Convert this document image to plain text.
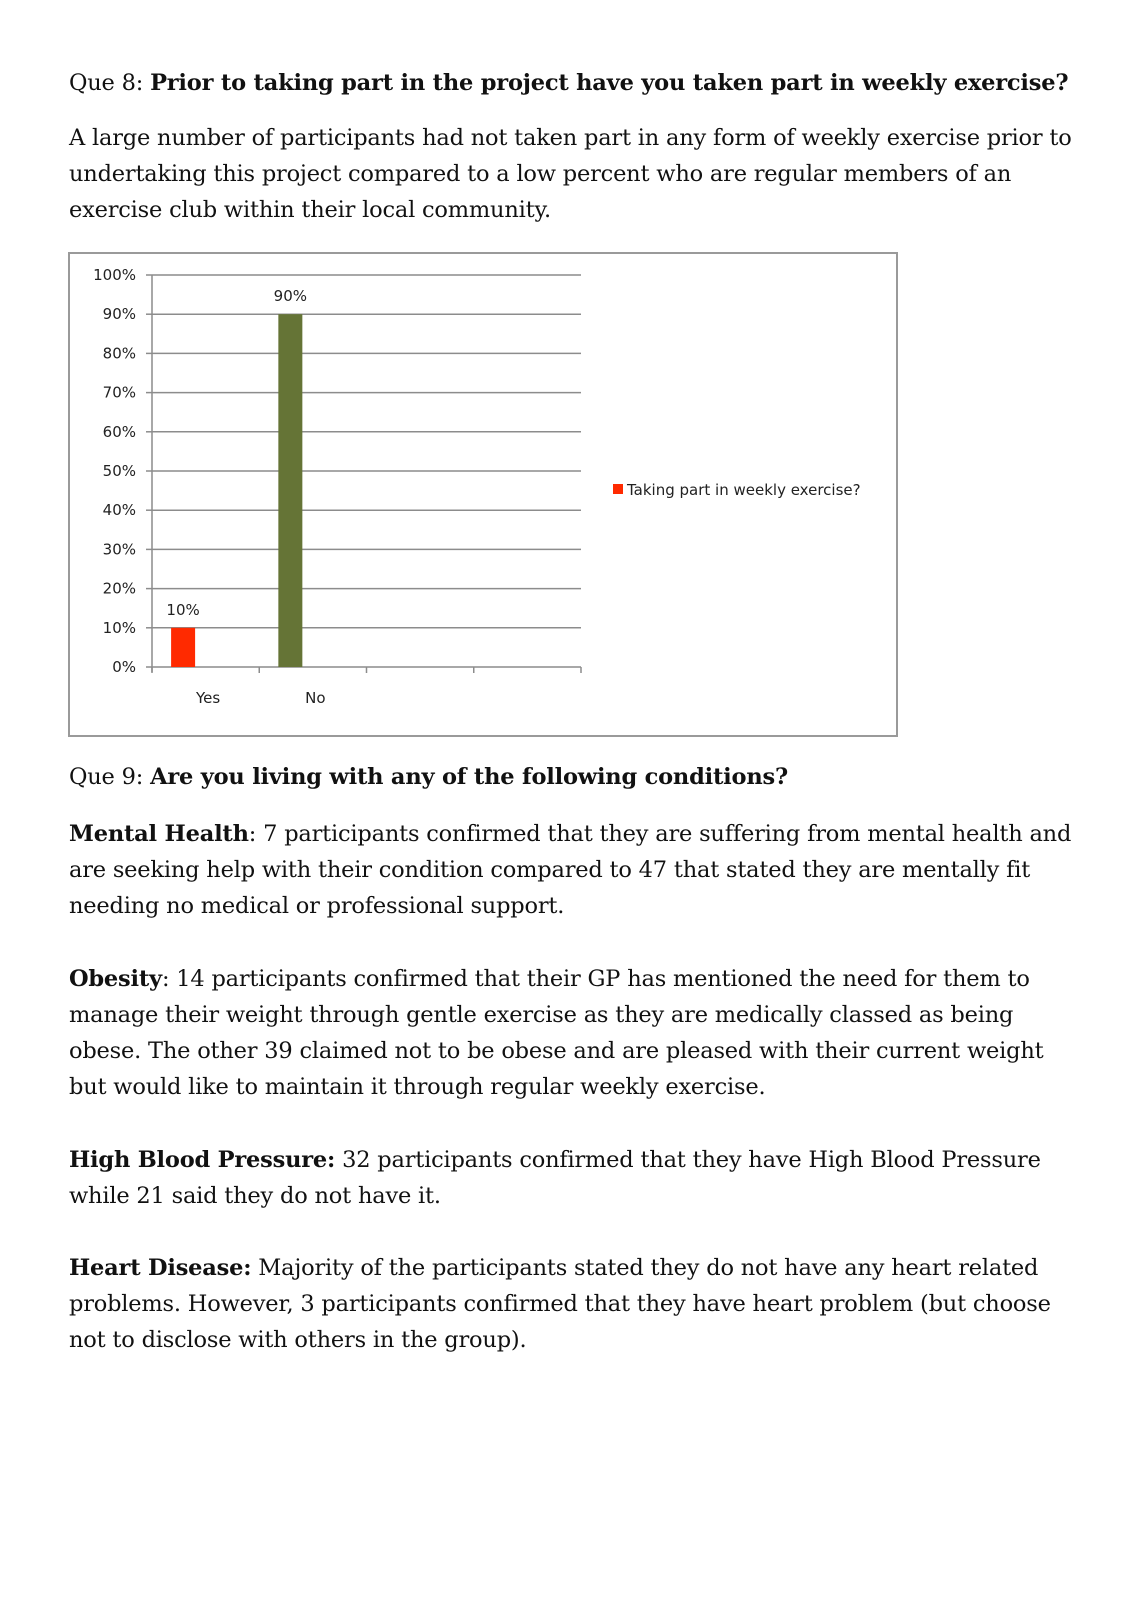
Que 8: Prior to taking part in the project have you taken part in weekly exercise?

A large number of participants had not taken part in any form of weekly exercise prior to undertaking this project compared to a low percent who are regular members of an exercise club within their local community.

0%
10%
20%
30%
40%
50%
60%
70%
80%
90%
100%
10%
Yes
90%
No
Taking part in weekly exercise?
Que 9: Are you living with any of the following conditions?

Mental Health: 7 participants confirmed that they are suffering from mental health and are seeking help with their condition compared to 47 that stated they are mentally fit needing no medical or professional support.

Obesity: 14 participants confirmed that their GP has mentioned the need for them to manage their weight through gentle exercise as they are medically classed as being obese. The other 39 claimed not to be obese and are pleased with their current weight but would like to maintain it through regular weekly exercise.

High Blood Pressure: 32 participants confirmed that they have High Blood Pressure while 21 said they do not have it.

Heart Disease: Majority of the participants stated they do not have any heart related problems. However, 3 participants confirmed that they have heart problem (but choose not to disclose with others in the group).
